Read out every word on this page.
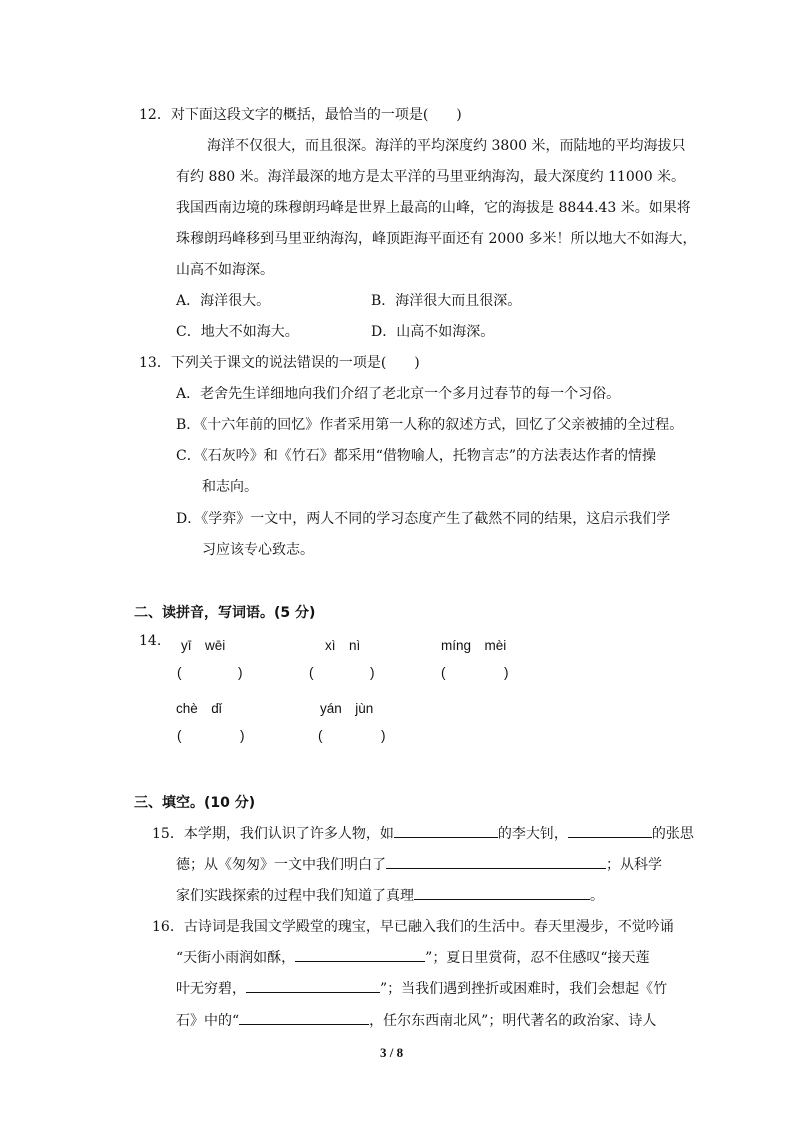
12．对下面这段文字的概括，最恰当的一项是(　　)
海洋不仅很大，而且很深。海洋的平均深度约 3800 米，而陆地的平均海拔只
有约 880 米。海洋最深的地方是太平洋的马里亚纳海沟，最大深度约 11000 米。
我国西南边境的珠穆朗玛峰是世界上最高的山峰，它的海拔是 8844.43 米。如果将
珠穆朗玛峰移到马里亚纳海沟，峰顶距海平面还有 2000 多米！所以地大不如海大，
山高不如海深。
A．海洋很大。	B．海洋很大而且很深。
C．地大不如海大。	D．山高不如海深。
13．下列关于课文的说法错误的一项是(　　)
A．老舍先生详细地向我们介绍了老北京一个多月过春节的每一个习俗。
B．《十六年前的回忆》作者采用第一人称的叙述方式，回忆了父亲被捕的全过程。
C．《石灰吟》和《竹石》都采用“借物喻人，托物言志”的方法表达作者的情操
和志向。
D．《学弈》一文中，两人不同的学习态度产生了截然不同的结果，这启示我们学
习应该专心致志。
二、读拼音，写词语。(5 分)
14. yī　wēi	xì　nì	míng　mèi
(	)	(	)	(	)
chè　dǐ	yán　jùn
(	)	(	)
三、填空。(10 分)
15．本学期，我们认识了许多人物，如	的李大钊，	的张思
德；从《匆匆》一文中我们明白了	；从科学
家们实践探索的过程中我们知道了真理	。
16．古诗词是我国文学殿堂的瑰宝，早已融入我们的生活中。春天里漫步，不觉吟诵
“天街小雨润如酥，	”；夏日里赏荷，忍不住感叹“接天莲
叶无穷碧，	”；当我们遇到挫折或困难时，我们会想起《竹
石》中的“	，任尔东西南北风”；明代著名的政治家、诗人
3 / 8
